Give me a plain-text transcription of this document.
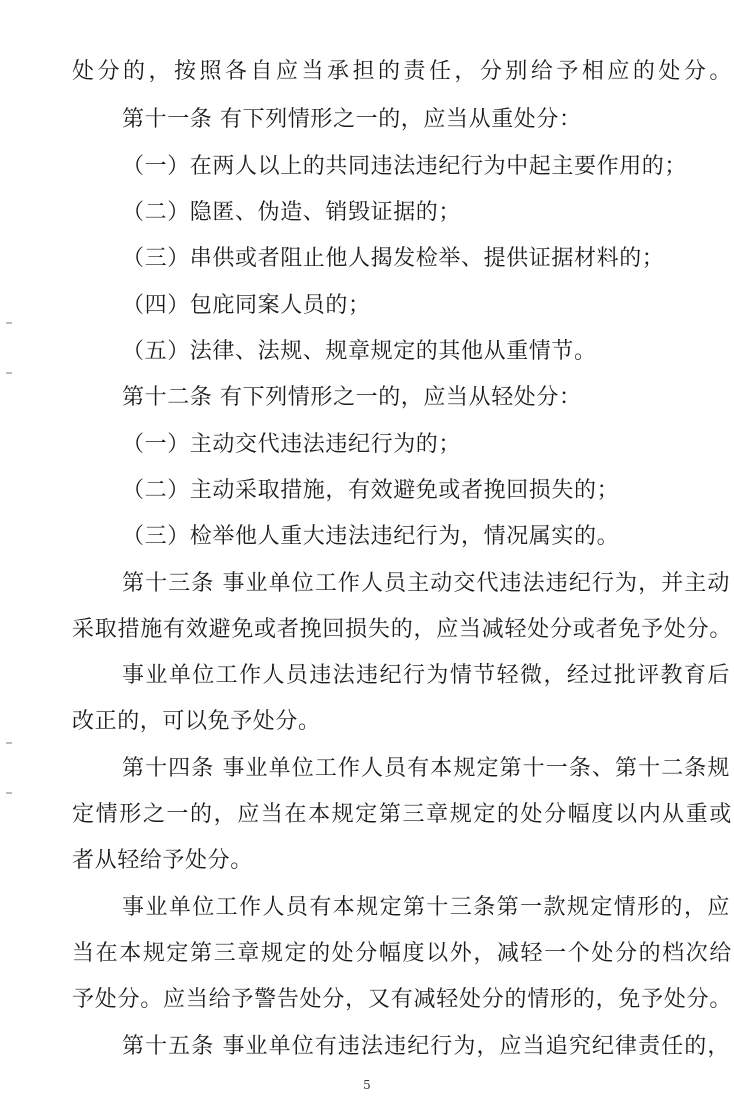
处分的，按照各自应当承担的责任，分别给予相应的处分。
第十一条 有下列情形之一的，应当从重处分：
（一）在两人以上的共同违法违纪行为中起主要作用的；
（二）隐匿、伪造、销毁证据的；
（三）串供或者阻止他人揭发检举、提供证据材料的；
（四）包庇同案人员的；
（五）法律、法规、规章规定的其他从重情节。
第十二条 有下列情形之一的，应当从轻处分：
（一）主动交代违法违纪行为的；
（二）主动采取措施，有效避免或者挽回损失的；
（三）检举他人重大违法违纪行为，情况属实的。
第十三条 事业单位工作人员主动交代违法违纪行为，并主动
采取措施有效避免或者挽回损失的，应当减轻处分或者免予处分。
事业单位工作人员违法违纪行为情节轻微，经过批评教育后
改正的，可以免予处分。
第十四条 事业单位工作人员有本规定第十一条、第十二条规
定情形之一的，应当在本规定第三章规定的处分幅度以内从重或
者从轻给予处分。
事业单位工作人员有本规定第十三条第一款规定情形的，应
当在本规定第三章规定的处分幅度以外，减轻一个处分的档次给
予处分。应当给予警告处分，又有减轻处分的情形的，免予处分。
第十五条 事业单位有违法违纪行为，应当追究纪律责任的，
5
